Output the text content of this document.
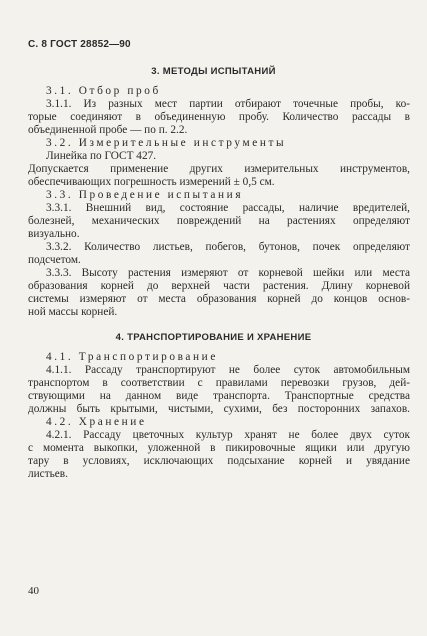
С. 8 ГОСТ 28852—90
3. МЕТОДЫ ИСПЫТАНИЙ
3.1. Отбор проб
3.1.1. Из разных мест партии отбирают точечные пробы, ко-
торые соединяют в объединенную пробу. Количество рассады в
объединенной пробе — по п. 2.2.
3.2. Измерительные инструменты
Линейка по ГОСТ 427.
Допускается применение других измерительных инструментов,
обеспечивающих погрешность измерений ± 0,5 см.
3.3. Проведение испытания
3.3.1. Внешний вид, состояние рассады, наличие вредителей,
болезней, механических повреждений на растениях определяют
визуально.
3.3.2. Количество листьев, побегов, бутонов, почек определяют
подсчетом.
3.3.3. Высоту растения измеряют от корневой шейки или места
образования корней до верхней части растения. Длину корневой
системы измеряют от места образования корней до концов основ-
ной массы корней.
4. ТРАНСПОРТИРОВАНИЕ И ХРАНЕНИЕ
4.1. Транспортирование
4.1.1. Рассаду транспортируют не более суток автомобильным
транспортом в соответствии с правилами перевозки грузов, дей-
ствующими на данном виде транспорта. Транспортные средства
должны быть крытыми, чистыми, сухими, без посторонних запахов.
4.2. Хранение
4.2.1. Рассаду цветочных культур хранят не более двух суток
с момента выкопки, уложенной в пикировочные ящики или другую
тару в условиях, исключающих подсыхание корней и увядание
листьев.
40
